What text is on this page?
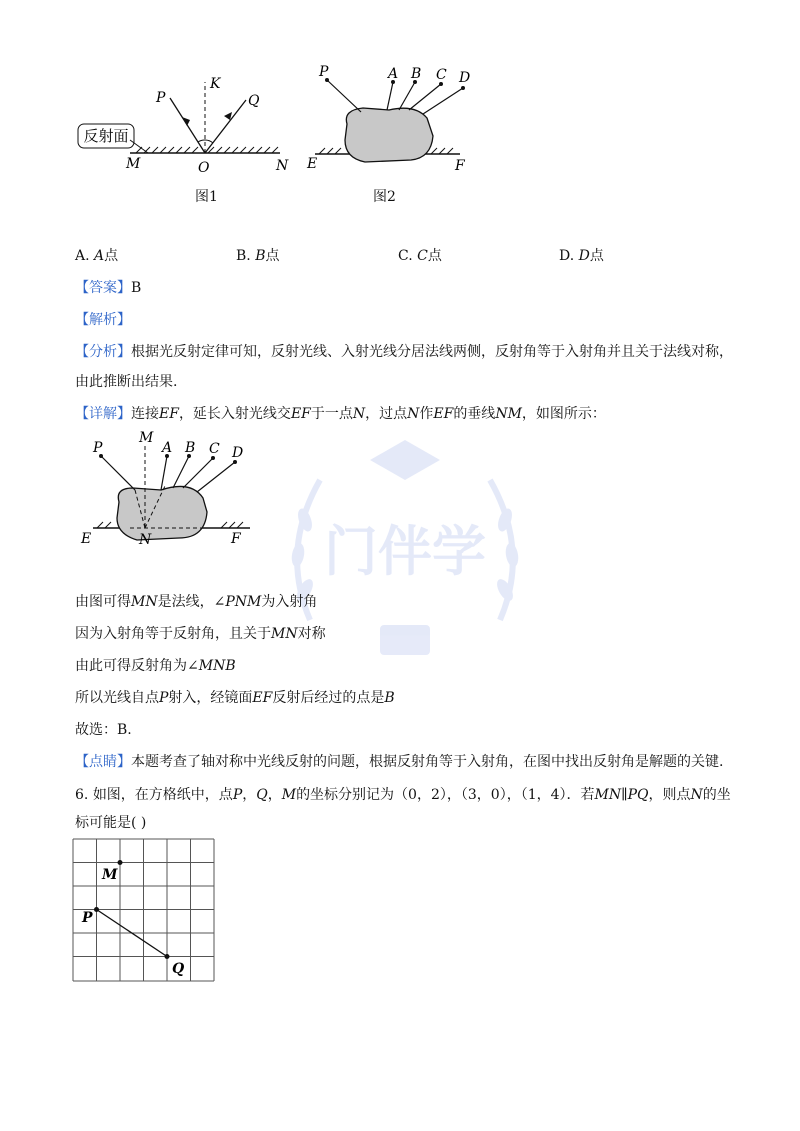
门伴学
反射面
P
K
Q
M	O	N
图1
P	A B C D
E	F
图2
A. A点	B. B点	C. C点	D. D点
【答案】B
【解析】
【分析】根据光反射定律可知，反射光线、入射光线分居法线两侧，反射角等于入射角并且关于法线对称，
由此推断出结果.
【详解】连接EF，延长入射光线交EF于一点N，过点N作EF的垂线NM，如图所示：
P
M
A B C D
E	N	F
由图可得MN是法线，∠PNM为入射角
因为入射角等于反射角，且关于MN对称
由此可得反射角为∠MNB
所以光线自点P射入，经镜面EF反射后经过的点是B
故选：B.
【点睛】本题考查了轴对称中光线反射的问题，根据反射角等于入射角，在图中找出反射角是解题的关键.
6. 如图，在方格纸中，点P，Q，M的坐标分别记为（0，2），（3，0），（1，4）．若MN∥PQ，则点N的坐
标可能是( )
M
P
Q
